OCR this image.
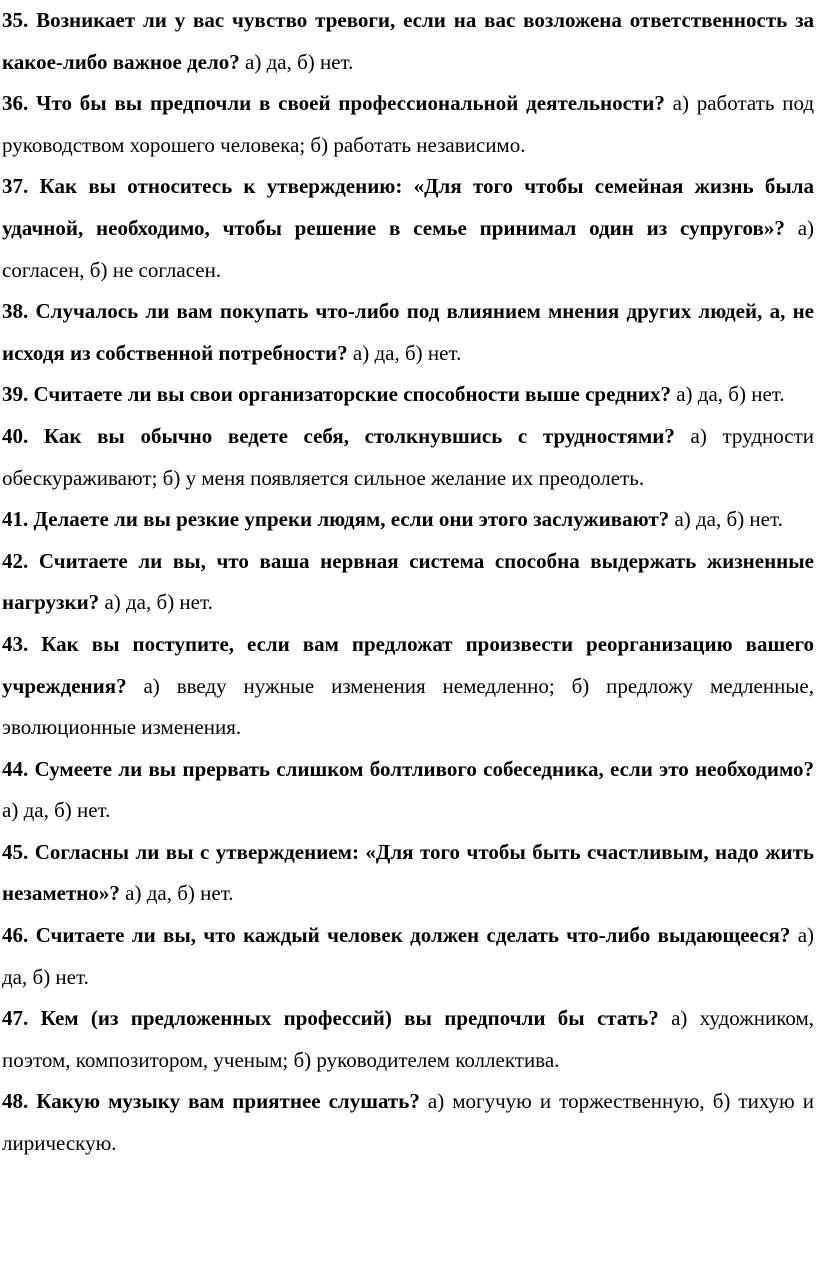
35. Возникает ли у вас чувство тревоги, если на вас возложена ответственность за какое-либо важное дело? а) да, б) нет.

36. Что бы вы предпочли в своей профессиональной деятельности? а) работать под руководством хорошего человека; б) работать независимо.

37. Как вы относитесь к утверждению: «Для того чтобы семейная жизнь была удачной, необходимо, чтобы решение в семье принимал один из супругов»? а) согласен, б) не согласен.

38. Случалось ли вам покупать что-либо под влиянием мнения других людей, а, не исходя из собственной потребности? а) да, б) нет.

39. Считаете ли вы свои организаторские способности выше средних? а) да, б) нет.

40. Как вы обычно ведете себя, столкнувшись с трудностями? а) трудности обескураживают; б) у меня появляется сильное желание их преодолеть.

41. Делаете ли вы резкие упреки людям, если они этого заслуживают? а) да, б) нет.

42. Считаете ли вы, что ваша нервная система способна выдержать жизненные нагрузки? а) да, б) нет.

43. Как вы поступите, если вам предложат произвести реорганизацию вашего учреждения? а) введу нужные изменения немедленно; б) предложу медленные, эволюционные изменения.

44. Сумеете ли вы прервать слишком болтливого собеседника, если это необходимо? а) да, б) нет.

45. Согласны ли вы с утверждением: «Для того чтобы быть счастливым, надо жить незаметно»? а) да, б) нет.

46. Считаете ли вы, что каждый человек должен сделать что-либо выдающееся? а) да, б) нет.

47. Кем (из предложенных профессий) вы предпочли бы стать? а) художником, поэтом, композитором, ученым; б) руководителем коллектива.

48. Какую музыку вам приятнее слушать? а) могучую и торжественную, б) тихую и лирическую.
